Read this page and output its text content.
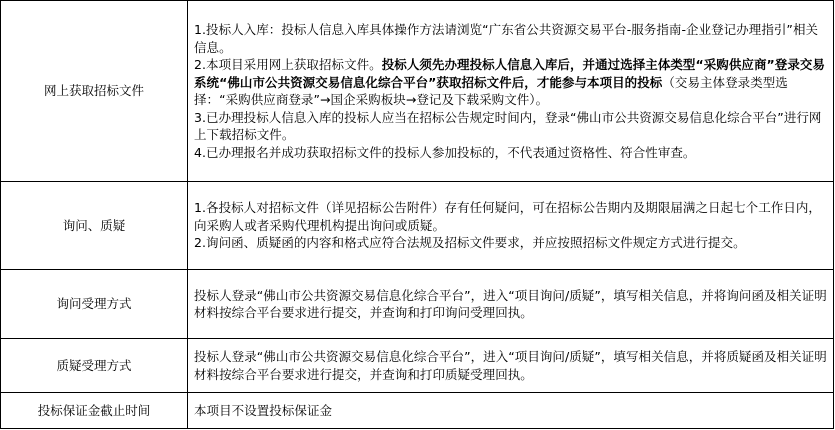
网上获取招标文件	1.投标人入库：投标人信息入库具体操作方法请浏览“广东省公共资源交易平台-服务指南-企业登记办理指引”相关信息。
2.本项目采用网上获取招标文件。投标人须先办理投标人信息入库后，并通过选择主体类型“采购供应商”登录交易系统“佛山市公共资源交易信息化综合平台”获取招标文件后，才能参与本项目的投标（交易主体登录类型选择：“采购供应商登录”→国企采购板块→登记及下载采购文件）。
3.已办理投标人信息入库的投标人应当在招标公告规定时间内，登录“佛山市公共资源交易信息化综合平台”进行网上下载招标文件。
4.已办理报名并成功获取招标文件的投标人参加投标的，不代表通过资格性、符合性审查。

询问、质疑	1.各投标人对招标文件（详见招标公告附件）存有任何疑问，可在招标公告期内及期限届满之日起七个工作日内，向采购人或者采购代理机构提出询问或质疑。
2.询问函、质疑函的内容和格式应符合法规及招标文件要求，并应按照招标文件规定方式进行提交。

询问受理方式	投标人登录“佛山市公共资源交易信息化综合平台”，进入“项目询问/质疑”，填写相关信息，并将询问函及相关证明材料按综合平台要求进行提交，并查询和打印询问受理回执。

质疑受理方式	投标人登录“佛山市公共资源交易信息化综合平台”，进入“项目询问/质疑”，填写相关信息，并将质疑函及相关证明材料按综合平台要求进行提交，并查询和打印质疑受理回执。

投标保证金截止时间	本项目不设置投标保证金
